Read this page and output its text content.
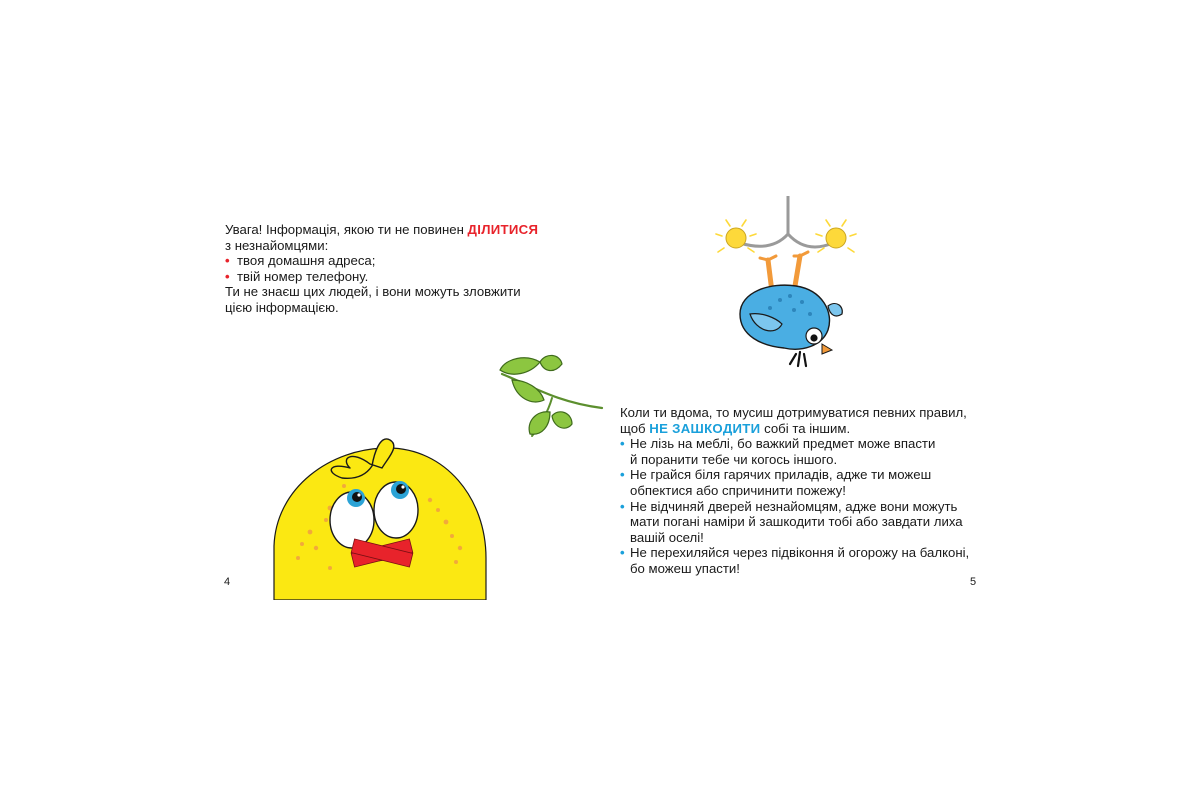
Увага! Інформація, якою ти не повинен ДІЛИТИСЯ
з незнайомцями:
• твоя домашня адреса;
• твій номер телефону.
Ти не знаєш цих людей, і вони можуть зловжити
цією інформацією.
4
Коли ти вдома, то мусиш дотримуватися певних правил,
щоб НЕ ЗАШКОДИТИ собі та іншим.
• Не лізь на меблі, бо важкий предмет може впасти
й поранити тебе чи когось іншого.
• Не грайся біля гарячих приладів, адже ти можеш
обпектися або спричинити пожежу!
• Не відчиняй дверей незнайомцям, адже вони можуть
мати погані наміри й зашкодити тобі або завдати лиха
вашій оселі!
• Не перехиляйся через підвіконня й огорожу на балконі,
бо можеш упасти!
5
